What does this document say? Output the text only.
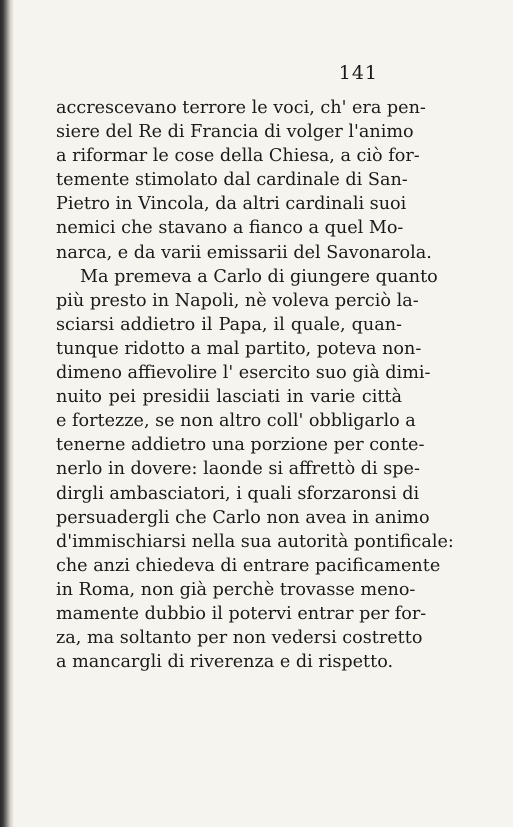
141
accrescevano terrore le voci, ch' era pen-
siere del Re di Francia di volger l'animo
a riformar le cose della Chiesa, a ciò for-
temente stimolato dal cardinale di San-
Pietro in Vincola, da altri cardinali suoi
nemici che stavano a fianco a quel Mo-
narca, e da varii emissarii del Savonarola.
Ma premeva a Carlo di giungere quanto
più presto in Napoli, nè voleva perciò la-
sciarsi addietro il Papa, il quale, quan-
tunque ridotto a mal partito, poteva non-
dimeno affievolire l' esercito suo già dimi-
nuito pei presidii lasciati in varie città
e fortezze, se non altro coll' obbligarlo a
tenerne addietro una porzione per conte-
nerlo in dovere: laonde si affrettò di spe-
dirgli ambasciatori, i quali sforzaronsi di
persuadergli che Carlo non avea in animo
d'immischiarsi nella sua autorità pontificale:
che anzi chiedeva di entrare pacificamente
in Roma, non già perchè trovasse meno-
mamente dubbio il potervi entrar per for-
za, ma soltanto per non vedersi costretto
a mancargli di riverenza e di rispetto.
